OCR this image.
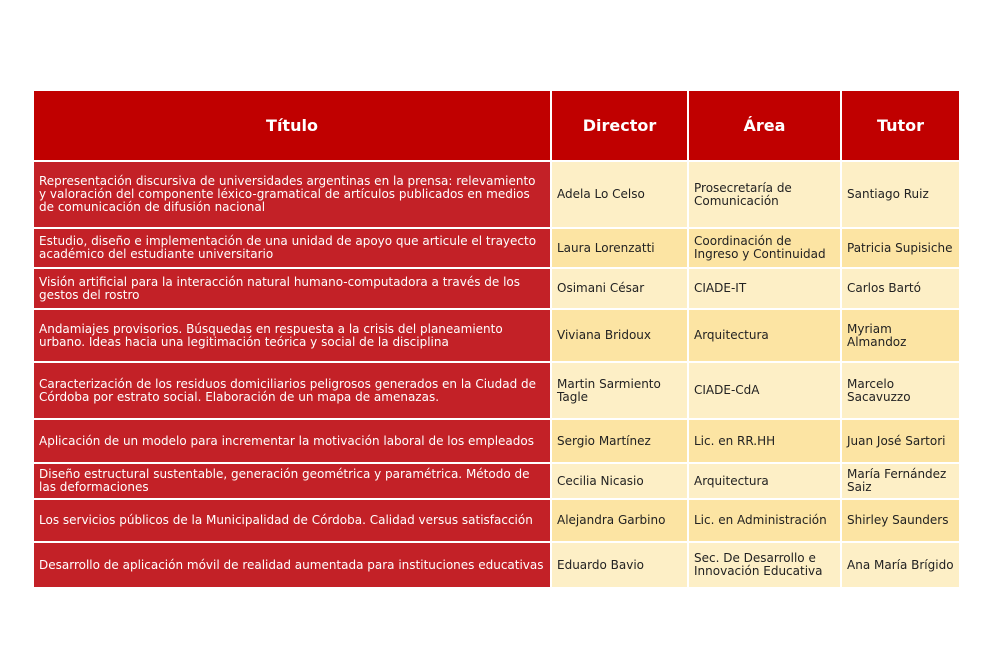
Título	Director	Área	Tutor
Representación discursiva de universidades argentinas en la prensa: relevamiento y valoración del componente léxico-gramatical de artículos publicados en medios de comunicación de difusión nacional	Adela Lo Celso	Prosecretaría de Comunicación	Santiago Ruiz
Estudio, diseño e implementación de una unidad de apoyo que articule el trayecto académico del estudiante universitario	Laura Lorenzatti	Coordinación de Ingreso y Continuidad	Patricia Supisiche
Visión artificial para la interacción natural humano-computadora a través de los gestos del rostro	Osimani César	CIADE-IT	Carlos Bartó
Andamiajes provisorios. Búsquedas en respuesta a la crisis del planeamiento urbano. Ideas hacia una legitimación teórica y social de la disciplina	Viviana Bridoux	Arquitectura	Myriam Almandoz
Caracterización de los residuos domiciliarios peligrosos generados en la Ciudad de Córdoba por estrato social. Elaboración de un mapa de amenazas.	Martin Sarmiento Tagle	CIADE-CdA	Marcelo Sacavuzzo
Aplicación de un modelo para incrementar la motivación laboral de los empleados	Sergio Martínez	Lic. en RR.HH	Juan José Sartori
Diseño estructural sustentable, generación geométrica y paramétrica. Método de las deformaciones	Cecilia Nicasio	Arquitectura	María Fernández Saiz
Los servicios públicos de la Municipalidad de Córdoba. Calidad versus satisfacción	Alejandra Garbino	Lic. en Administración	Shirley Saunders
Desarrollo de aplicación móvil de realidad aumentada para instituciones educativas	Eduardo Bavio	Sec. De Desarrollo e Innovación Educativa	Ana María Brígido
